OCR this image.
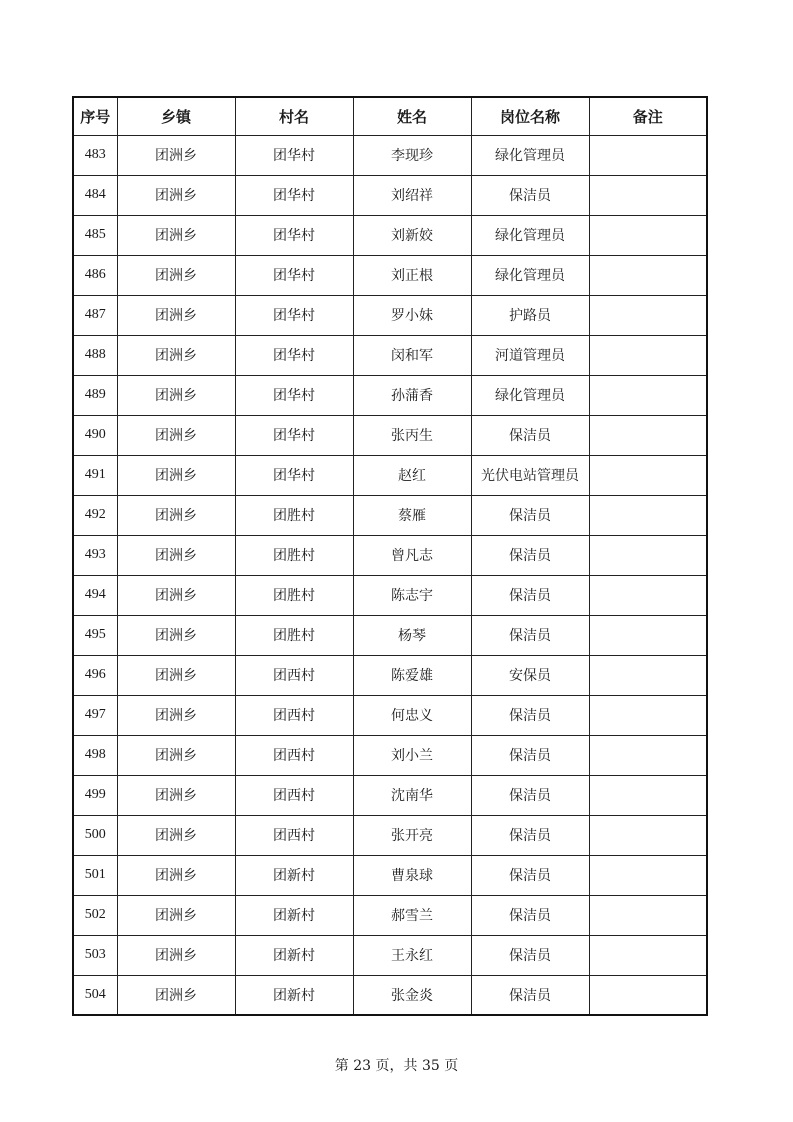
序号	乡镇	村名	姓名	岗位名称	备注
483	团洲乡	团华村	李现珍	绿化管理员	
484	团洲乡	团华村	刘绍祥	保洁员	
485	团洲乡	团华村	刘新姣	绿化管理员	
486	团洲乡	团华村	刘正根	绿化管理员	
487	团洲乡	团华村	罗小妹	护路员	
488	团洲乡	团华村	闵和军	河道管理员	
489	团洲乡	团华村	孙蒲香	绿化管理员	
490	团洲乡	团华村	张丙生	保洁员	
491	团洲乡	团华村	赵红	光伏电站管理员	
492	团洲乡	团胜村	蔡雁	保洁员	
493	团洲乡	团胜村	曾凡志	保洁员	
494	团洲乡	团胜村	陈志宇	保洁员	
495	团洲乡	团胜村	杨琴	保洁员	
496	团洲乡	团西村	陈爱雄	安保员	
497	团洲乡	团西村	何忠义	保洁员	
498	团洲乡	团西村	刘小兰	保洁员	
499	团洲乡	团西村	沈南华	保洁员	
500	团洲乡	团西村	张开亮	保洁员	
501	团洲乡	团新村	曹泉球	保洁员	
502	团洲乡	团新村	郝雪兰	保洁员	
503	团洲乡	团新村	王永红	保洁员	
504	团洲乡	团新村	张金炎	保洁员	
第 23 页，共 35 页
